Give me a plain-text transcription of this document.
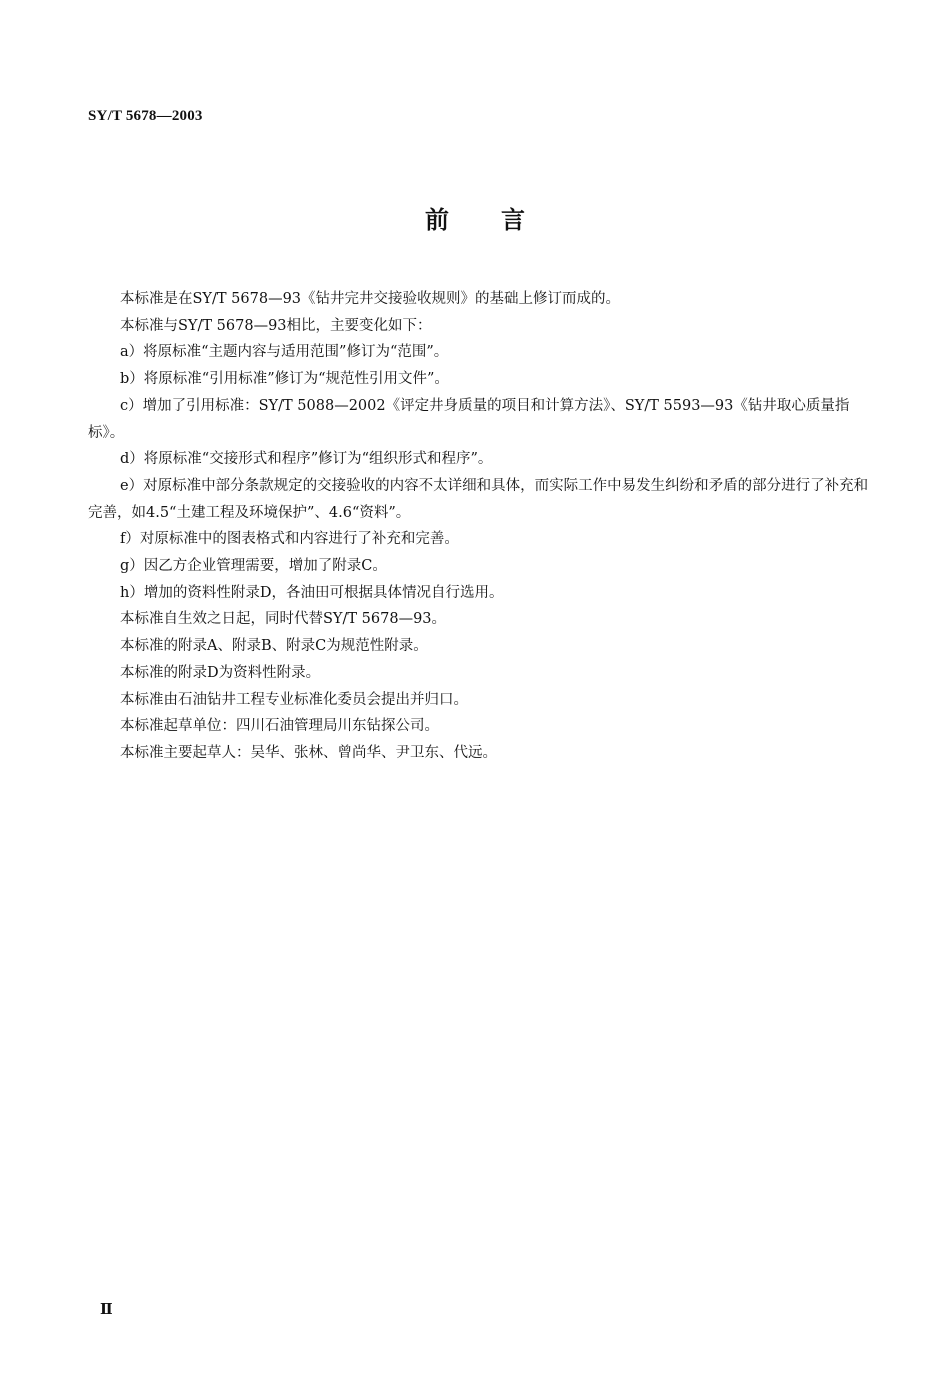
SY/T 5678—2003
前言

本标准是在SY/T 5678—93《钻井完井交接验收规则》的基础上修订而成的。

本标准与SY/T 5678—93相比，主要变化如下：

a）将原标准“主题内容与适用范围”修订为“范围”。

b）将原标准“引用标准”修订为“规范性引用文件”。

c）增加了引用标准：SY/T 5088—2002《评定井身质量的项目和计算方法》、SY/T 5593—93《钻井取心质量指标》。

d）将原标准“交接形式和程序”修订为“组织形式和程序”。

e）对原标准中部分条款规定的交接验收的内容不太详细和具体，而实际工作中易发生纠纷和矛盾的部分进行了补充和完善，如4.5“土建工程及环境保护”、4.6“资料”。

f）对原标准中的图表格式和内容进行了补充和完善。

g）因乙方企业管理需要，增加了附录C。

h）增加的资料性附录D，各油田可根据具体情况自行选用。

本标准自生效之日起，同时代替SY/T 5678—93。

本标准的附录A、附录B、附录C为规范性附录。

本标准的附录D为资料性附录。

本标准由石油钻井工程专业标准化委员会提出并归口。

本标准起草单位：四川石油管理局川东钻探公司。

本标准主要起草人：吴华、张林、曾尚华、尹卫东、代远。

Ⅱ
